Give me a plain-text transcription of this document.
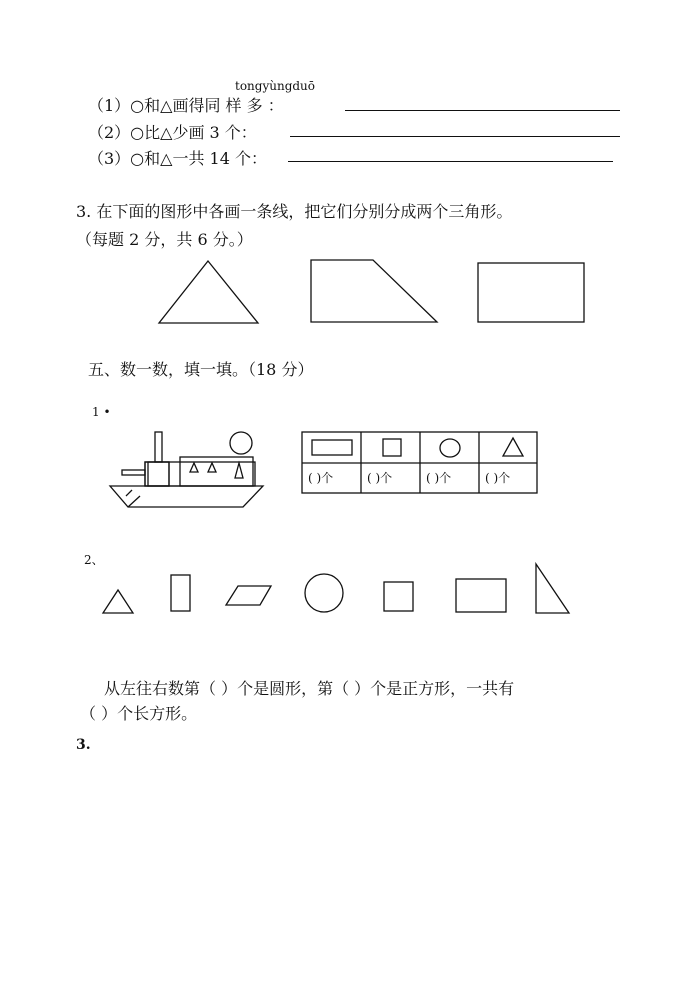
tongyùngduō
（1）○和△画得同 样 多 ：
（2）○比△少画 3 个：
（3）○和△一共 14 个：
3. 在下面的图形中各画一条线，把它们分别分成两个三角形。
（每题 2 分，共 6 分。）
( )个	( )个	( )个	( )个
五、数一数，填一填。（18 分）
1 •
2、
从左往右数第（ ）个是圆形，第（ ）个是正方形，一共有
（ ）个长方形。
3.
